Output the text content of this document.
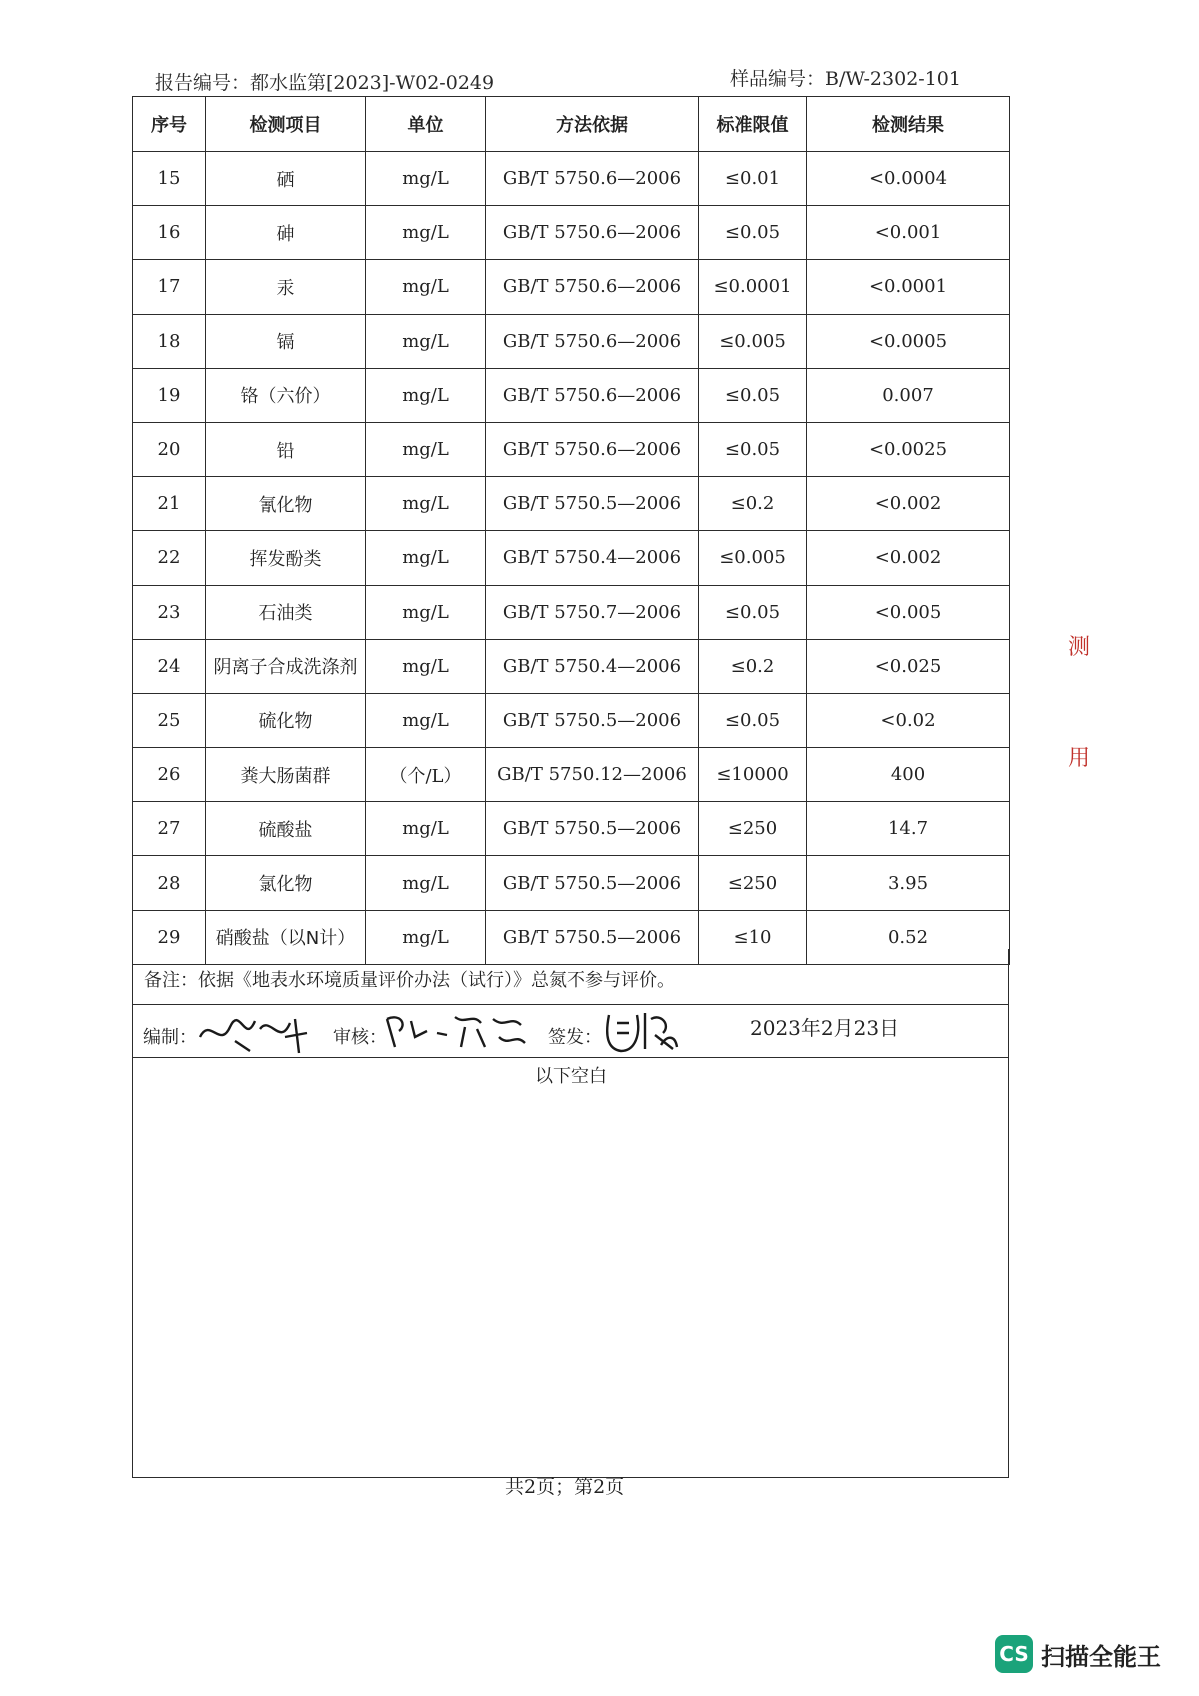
报告编号：都水监第[2023]-W02-0249	样品编号：B/W-2302-101
序号	检测项目	单位	方法依据	标准限值	检测结果
15	硒	mg/L	GB/T 5750.6—2006	≤0.01	<0.0004
16	砷	mg/L	GB/T 5750.6—2006	≤0.05	<0.001
17	汞	mg/L	GB/T 5750.6—2006	≤0.0001	<0.0001
18	镉	mg/L	GB/T 5750.6—2006	≤0.005	<0.0005
19	铬（六价）	mg/L	GB/T 5750.6—2006	≤0.05	0.007
20	铅	mg/L	GB/T 5750.6—2006	≤0.05	<0.0025
21	氰化物	mg/L	GB/T 5750.5—2006	≤0.2	<0.002
22	挥发酚类	mg/L	GB/T 5750.4—2006	≤0.005	<0.002
23	石油类	mg/L	GB/T 5750.7—2006	≤0.05	<0.005
24	阴离子合成洗涤剂	mg/L	GB/T 5750.4—2006	≤0.2	<0.025
25	硫化物	mg/L	GB/T 5750.5—2006	≤0.05	<0.02
26	粪大肠菌群	（个/L）	GB/T 5750.12—2006	≤10000	400
27	硫酸盐	mg/L	GB/T 5750.5—2006	≤250	14.7
28	氯化物	mg/L	GB/T 5750.5—2006	≤250	3.95
29	硝酸盐（以N计）	mg/L	GB/T 5750.5—2006	≤10	0.52
备注：依据《地表水环境质量评价办法（试行）》总氮不参与评价。
编制：	审核：	签发：	2023年2月23日
以下空白
共2页；第2页
测
用
CS 扫描全能王
